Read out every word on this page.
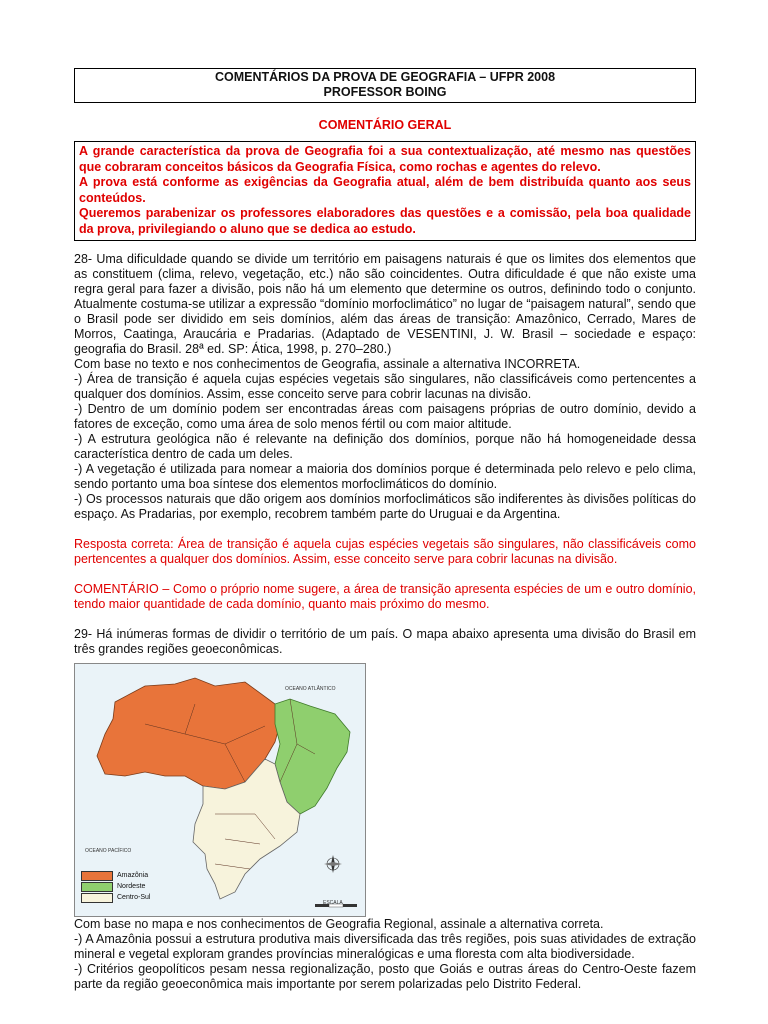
COMENTÁRIOS DA PROVA DE GEOGRAFIA – UFPR 2008
PROFESSOR BOING
COMENTÁRIO GERAL

A grande característica da prova de Geografia foi a sua contextualização, até mesmo nas questões que cobraram conceitos básicos da Geografia Física, como rochas e agentes do relevo.

A prova está conforme as exigências da Geografia atual, além de bem distribuída quanto aos seus conteúdos.

Queremos parabenizar os professores elaboradores das questões e a comissão, pela boa qualidade da prova, privilegiando o aluno que se dedica ao estudo.

28- Uma dificuldade quando se divide um território em paisagens naturais é que os limites dos elementos que as constituem (clima, relevo, vegetação, etc.) não são coincidentes. Outra dificuldade é que não existe uma regra geral para fazer a divisão, pois não há um elemento que determine os outros, definindo todo o conjunto. Atualmente costuma-se utilizar a expressão “domínio morfoclimático” no lugar de “paisagem natural”, sendo que o Brasil pode ser dividido em seis domínios, além das áreas de transição: Amazônico, Cerrado, Mares de Morros, Caatinga, Araucária e Pradarias. (Adaptado de VESENTINI, J. W. Brasil – sociedade e espaço: geografia do Brasil. 28ª ed. SP: Ática, 1998, p. 270–280.)

Com base no texto e nos conhecimentos de Geografia, assinale a alternativa INCORRETA.

-) Área de transição é aquela cujas espécies vegetais são singulares, não classificáveis como pertencentes a qualquer dos domínios. Assim, esse conceito serve para cobrir lacunas na divisão.

-) Dentro de um domínio podem ser encontradas áreas com paisagens próprias de outro domínio, devido a fatores de exceção, como uma área de solo menos fértil ou com maior altitude.

-) A estrutura geológica não é relevante na definição dos domínios, porque não há homogeneidade dessa característica dentro de cada um deles.

-) A vegetação é utilizada para nomear a maioria dos domínios porque é determinada pelo relevo e pelo clima, sendo portanto uma boa síntese dos elementos morfoclimáticos do domínio.

-) Os processos naturais que dão origem aos domínios morfoclimáticos são indiferentes às divisões políticas do espaço. As Pradarias, por exemplo, recobrem também parte do Uruguai e da Argentina.

Resposta correta: Área de transição é aquela cujas espécies vegetais são singulares, não classificáveis como pertencentes a qualquer dos domínios. Assim, esse conceito serve para cobrir lacunas na divisão.

COMENTÁRIO – Como o próprio nome sugere, a área de transição apresenta espécies de um e outro domínio, tendo maior quantidade de cada domínio, quanto mais próximo do mesmo.

29- Há inúmeras formas de dividir o território de um país. O mapa abaixo apresenta uma divisão do Brasil em três grandes regiões geoeconômicas.

OCEANO ATLÂNTICO
OCEANO PACÍFICO
ESCALA
Amazônia
Nordeste
Centro-Sul

Com base no mapa e nos conhecimentos de Geografia Regional, assinale a alternativa correta.

-) A Amazônia possui a estrutura produtiva mais diversificada das três regiões, pois suas atividades de extração mineral e vegetal exploram grandes províncias mineralógicas e uma floresta com alta biodiversidade.

-) Critérios geopolíticos pesam nessa regionalização, posto que Goiás e outras áreas do Centro-Oeste fazem parte da região geoeconômica mais importante por serem polarizadas pelo Distrito Federal.
